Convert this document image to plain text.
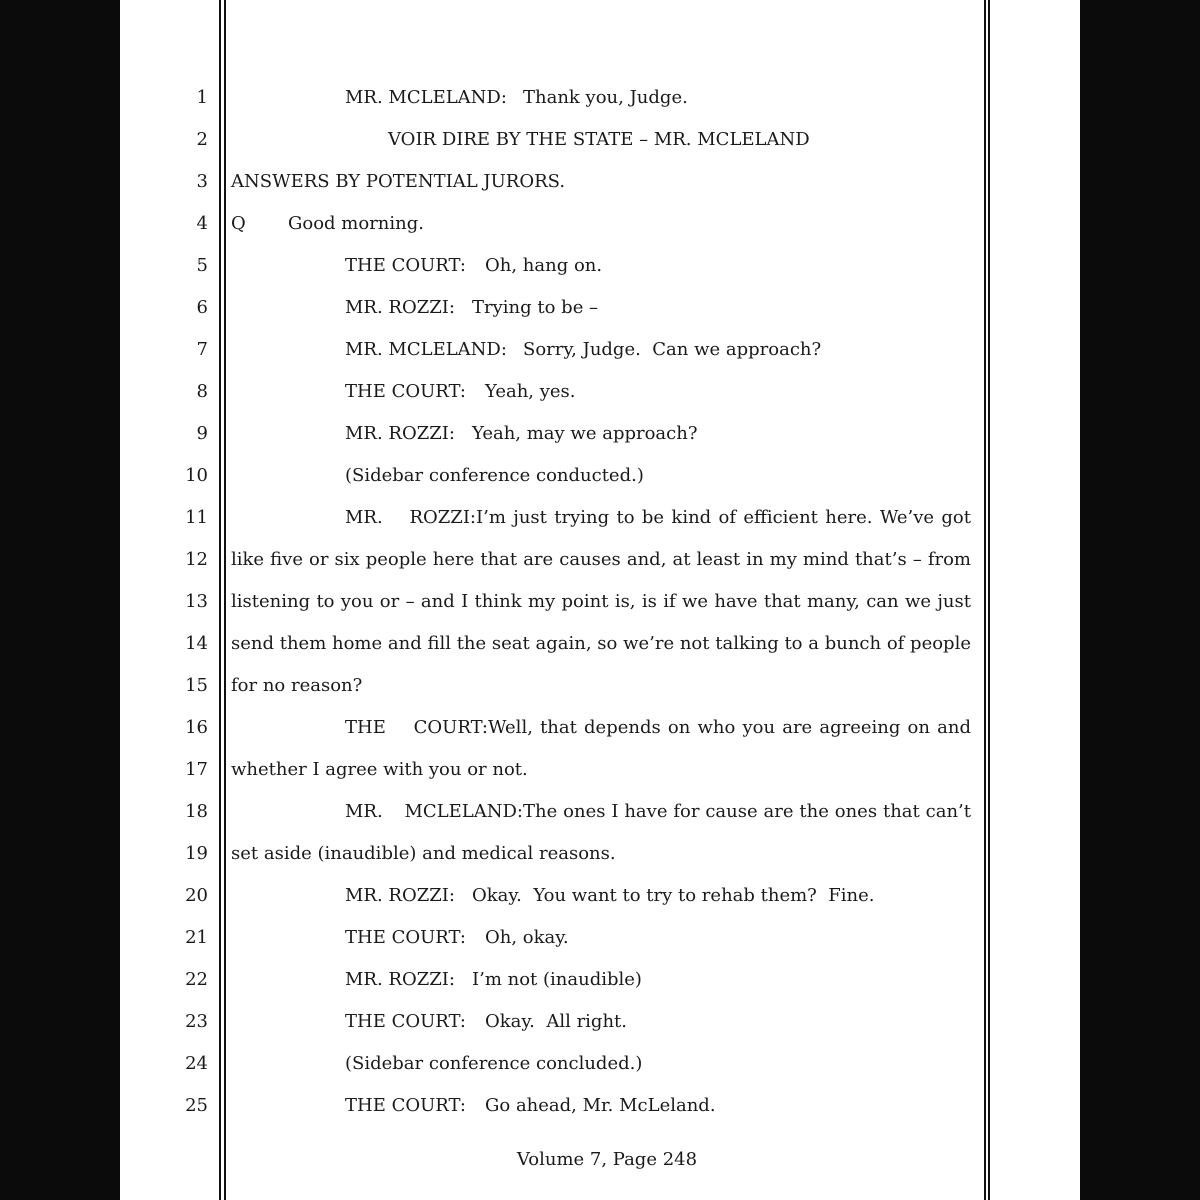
1	MR. MCLELAND: Thank you, Judge.
2	VOIR DIRE BY THE STATE – MR. MCLELAND
3 ANSWERS BY POTENTIAL JURORS.
4 Q Good morning.
5	THE COURT: Oh, hang on.
6	MR. ROZZI: Trying to be –
7	MR. MCLELAND: Sorry, Judge.  Can we approach?
8	THE COURT: Yeah, yes.
9	MR. ROZZI: Yeah, may we approach?
10	(Sidebar conference conducted.)
11	MR. ROZZI:I’m just trying to be kind of efficient here. We’ve got
12 like five or six people here that are causes and, at least in my mind that’s – from
13 listening to you or – and I think my point is, is if we have that many, can we just
14 send them home and fill the seat again, so we’re not talking to a bunch of people
15 for no reason?
16	THE COURT:Well, that depends on who you are agreeing on and
17 whether I agree with you or not.
18	MR. MCLELAND:The ones I have for cause are the ones that can’t
19 set aside (inaudible) and medical reasons.
20	MR. ROZZI: Okay.  You want to try to rehab them?  Fine.
21	THE COURT: Oh, okay.
22	MR. ROZZI: I’m not (inaudible)
23	THE COURT: Okay.  All right.
24	(Sidebar conference concluded.)
25	THE COURT: Go ahead, Mr. McLeland.
Volume 7, Page 248
